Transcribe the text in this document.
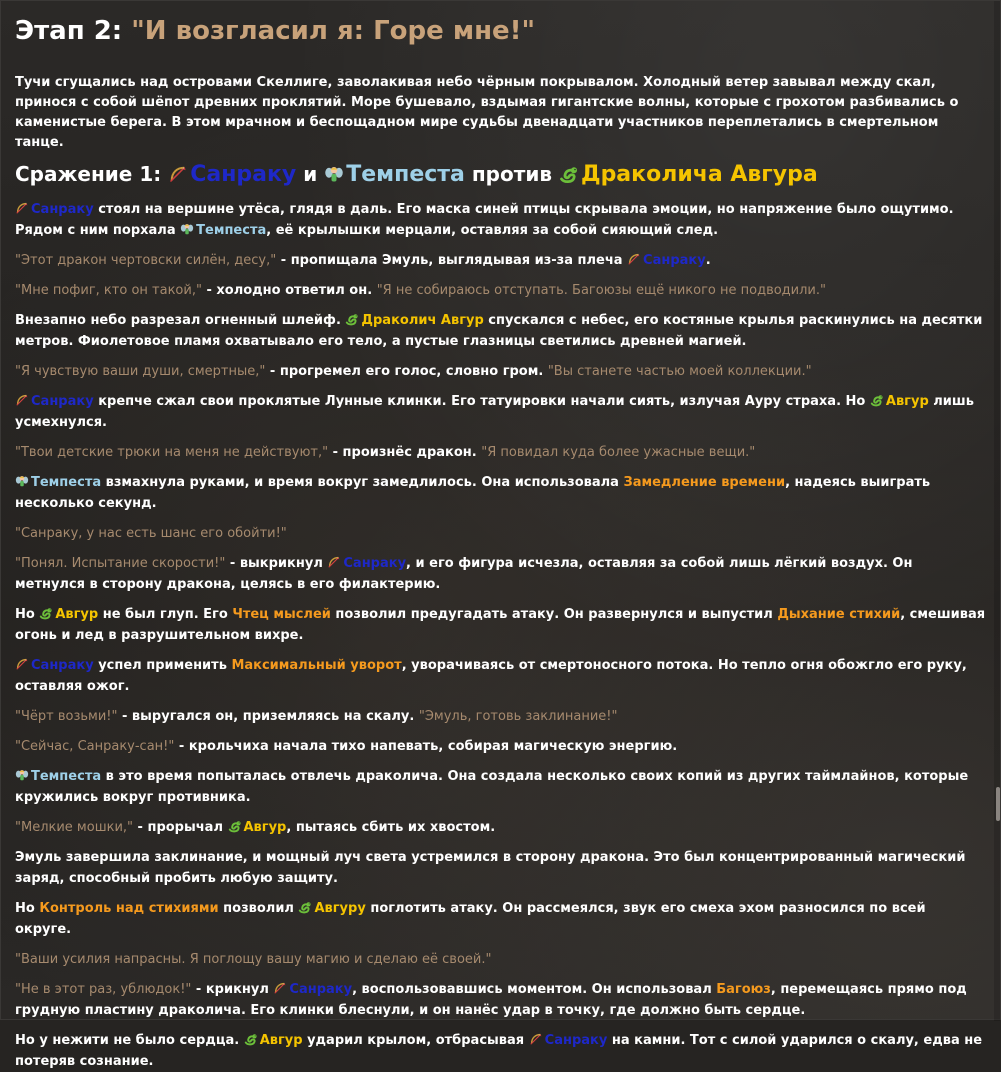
Этап 2: "И возгласил я: Горе мне!"

Тучи сгущались над островами Скеллиге, заволакивая небо чёрным покрывалом. Холодный ветер завывал между скал, принося с собой шёпот древних проклятий. Море бушевало, вздымая гигантские волны, которые с грохотом разбивались о каменистые берега. В этом мрачном и беспощадном мире судьбы двенадцати участников переплетались в смертельном танце.

Сражение 1: Санраку и Темпеста против Драколича Авгура

Санраку стоял на вершине утёса, глядя в даль. Его маска синей птицы скрывала эмоции, но напряжение было ощутимо. Рядом с ним порхала Темпеста, её крылышки мерцали, оставляя за собой сияющий след.

"Этот дракон чертовски силён, десу," - пропищала Эмуль, выглядывая из-за плеча Санраку.

"Мне пофиг, кто он такой," - холодно ответил он. "Я не собираюсь отступать. Багоюзы ещё никого не подводили."

Внезапно небо разрезал огненный шлейф. Драколич Авгур спускался с небес, его костяные крылья раскинулись на десятки метров. Фиолетовое пламя охватывало его тело, а пустые глазницы светились древней магией.

"Я чувствую ваши души, смертные," - прогремел его голос, словно гром. "Вы станете частью моей коллекции."

Санраку крепче сжал свои проклятые Лунные клинки. Его татуировки начали сиять, излучая Ауру страха. Но Авгур лишь усмехнулся.

"Твои детские трюки на меня не действуют," - произнёс дракон. "Я повидал куда более ужасные вещи."

Темпеста взмахнула руками, и время вокруг замедлилось. Она использовала Замедление времени, надеясь выиграть несколько секунд.

"Санраку, у нас есть шанс его обойти!"

"Понял. Испытание скорости!" - выкрикнул Санраку, и его фигура исчезла, оставляя за собой лишь лёгкий воздух. Он метнулся в сторону дракона, целясь в его филактерию.

Но Авгур не был глуп. Его Чтец мыслей позволил предугадать атаку. Он развернулся и выпустил Дыхание стихий, смешивая огонь и лед в разрушительном вихре.

Санраку успел применить Максимальный уворот, уворачиваясь от смертоносного потока. Но тепло огня обожгло его руку, оставляя ожог.

"Чёрт возьми!" - выругался он, приземляясь на скалу. "Эмуль, готовь заклинание!"

"Сейчас, Санраку-сан!" - крольчиха начала тихо напевать, собирая магическую энергию.

Темпеста в это время попыталась отвлечь драколича. Она создала несколько своих копий из других таймлайнов, которые кружились вокруг противника.

"Мелкие мошки," - прорычал Авгур, пытаясь сбить их хвостом.

Эмуль завершила заклинание, и мощный луч света устремился в сторону дракона. Это был концентрированный магический заряд, способный пробить любую защиту.

Но Контроль над стихиями позволил Авгуру поглотить атаку. Он рассмеялся, звук его смеха эхом разносился по всей округе.

"Ваши усилия напрасны. Я поглощу вашу магию и сделаю её своей."

"Не в этот раз, ублюдок!" - крикнул Санраку, воспользовавшись моментом. Он использовал Багоюз, перемещаясь прямо под грудную пластину драколича. Его клинки блеснули, и он нанёс удар в точку, где должно быть сердце.

Но у нежити не было сердца. Авгур ударил крылом, отбрасывая Санраку на камни. Тот с силой ударился о скалу, едва не потеряв сознание.
